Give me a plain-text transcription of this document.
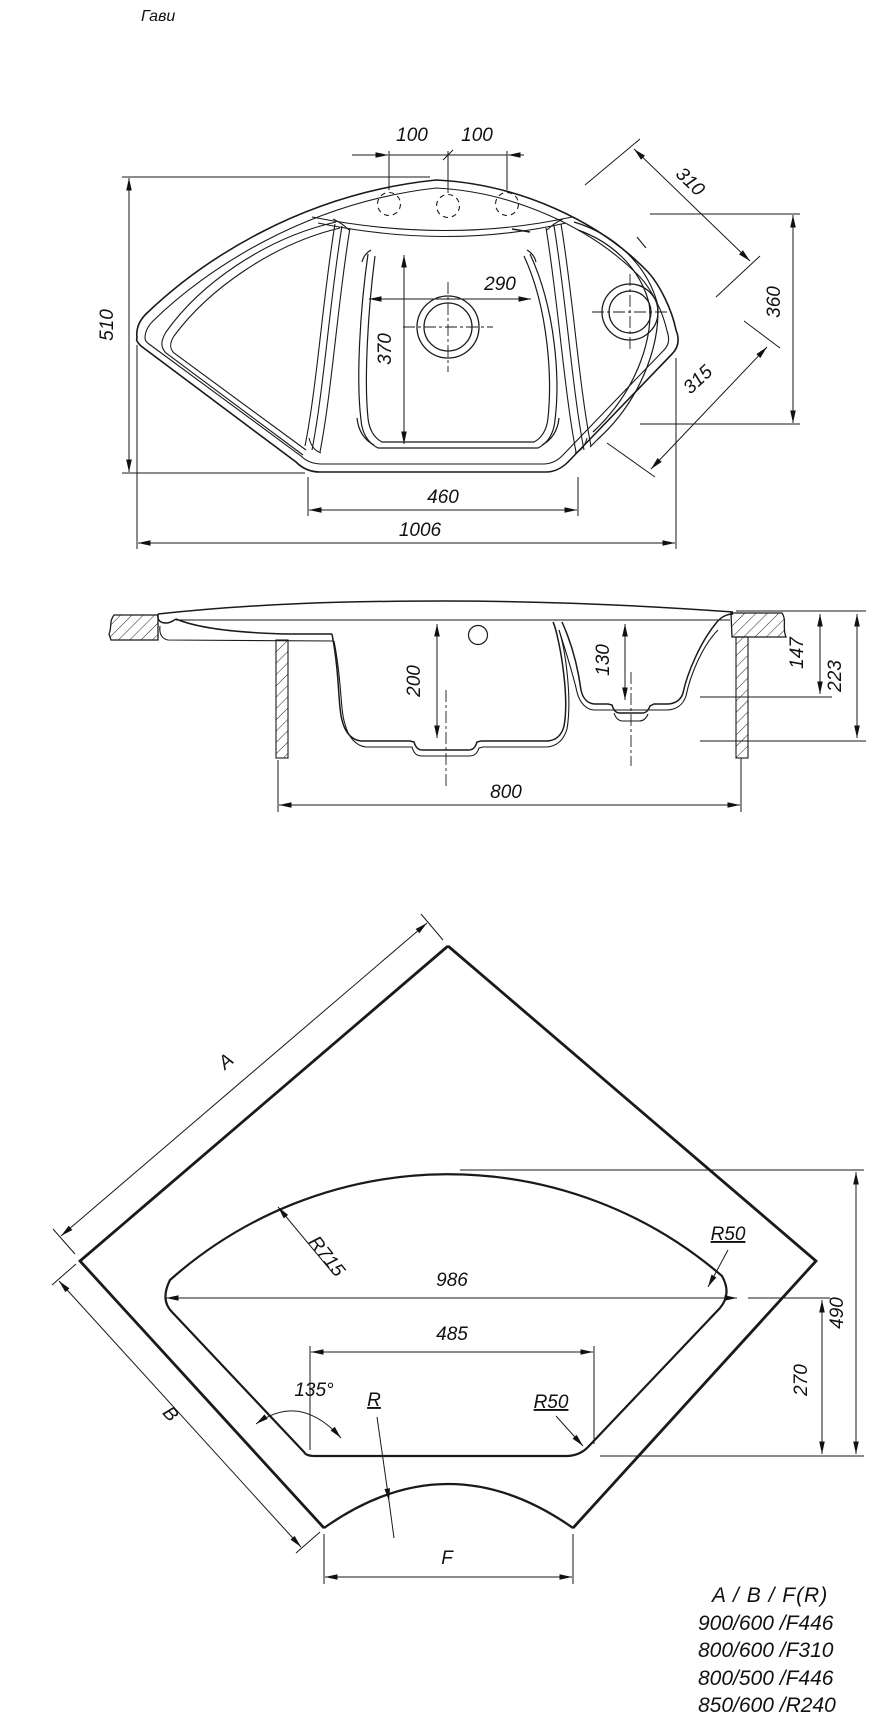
Гави
100 100
510
1006
460
290
370
310
360
315
200
130	147
223
800
A
B
R715	R50
986
485
135° R	R50
490
270
F
A / B / F(R)
900/600 /F446
800/600 /F310
800/500 /F446
850/600 /R240
